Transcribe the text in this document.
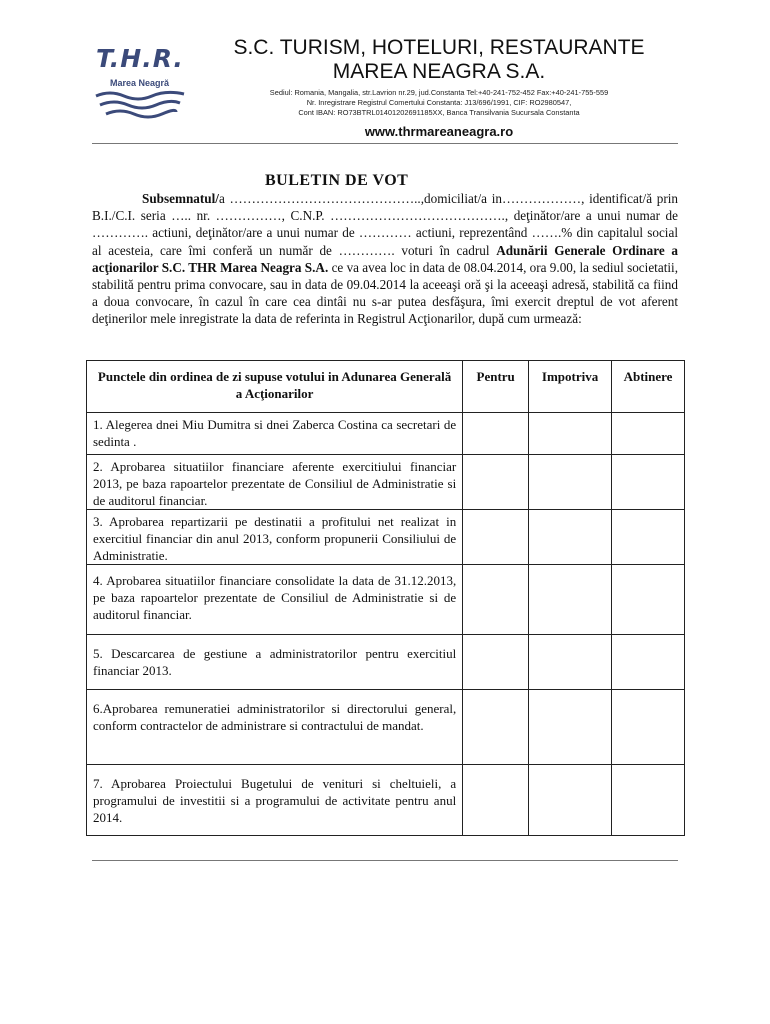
T.H.R.
Marea Neagră
S.C. TURISM, HOTELURI, RESTAURANTE
MAREA NEAGRA S.A.
Sediul: Romania, Mangalia, str.Lavrion nr.29, jud.Constanta Tel:+40-241-752-452 Fax:+40-241-755-559
Nr. Inregistrare Registrul Comertului Constanta: J13/696/1991, CIF: RO2980547,
Cont IBAN: RO73BTRL01401202691185XX, Banca Transilvania Sucursala Constanta
www.thrmareaneagra.ro
BULETIN DE VOT
Subsemnatul/a ……………………………………..,domiciliat/a in………………, identificat/ă prin B.I./C.I. seria ….. nr. ……………, C.N.P. …………………………………., deţinător/are a unui numar de …………. actiuni, deţinător/are a unui numar de ………… actiuni, reprezentând …….% din capitalul social al acesteia, care îmi conferă un număr de …………. voturi în cadrul Adunării Generale Ordinare a acţionarilor S.C. THR Marea Neagra S.A. ce va avea loc in data de 08.04.2014, ora 9.00, la sediul societatii, stabilită pentru prima convocare, sau in data de 09.04.2014 la aceeaşi oră şi la aceeaşi adresă, stabilită ca fiind a doua convocare, în cazul în care cea dintâi nu s-ar putea desfăşura, îmi exercit dreptul de vot aferent deţinerilor mele inregistrate la data de referinta in Registrul Acţionarilor, după cum urmează:
Punctele din ordinea de zi supuse votului in Adunarea Generală a Acţionarilor	Pentru	Impotriva	Abtinere

1. Alegerea dnei Miu Dumitra si dnei Zaberca Costina ca secretari de sedinta .			

2. Aprobarea situatiilor financiare aferente exercitiului financiar 2013, pe baza rapoartelor prezentate de Consiliul de Administratie si de auditorul financiar.			

3. Aprobarea repartizarii pe destinatii a profitului net realizat in exercitiul financiar din anul 2013, conform propunerii Consiliului de Administratie.			

4. Aprobarea situatiilor financiare consolidate la data de 31.12.2013, pe baza rapoartelor prezentate de Consiliul de Administratie si de auditorul financiar.			

5. Descarcarea de gestiune a administratorilor pentru exercitiul financiar 2013.			

6.Aprobarea remuneratiei administratorilor si directorului general, conform contractelor de administrare si contractului de mandat.			

7. Aprobarea Proiectului Bugetului de venituri si cheltuieli, a programului de investitii si a programului de activitate pentru anul 2014.			
